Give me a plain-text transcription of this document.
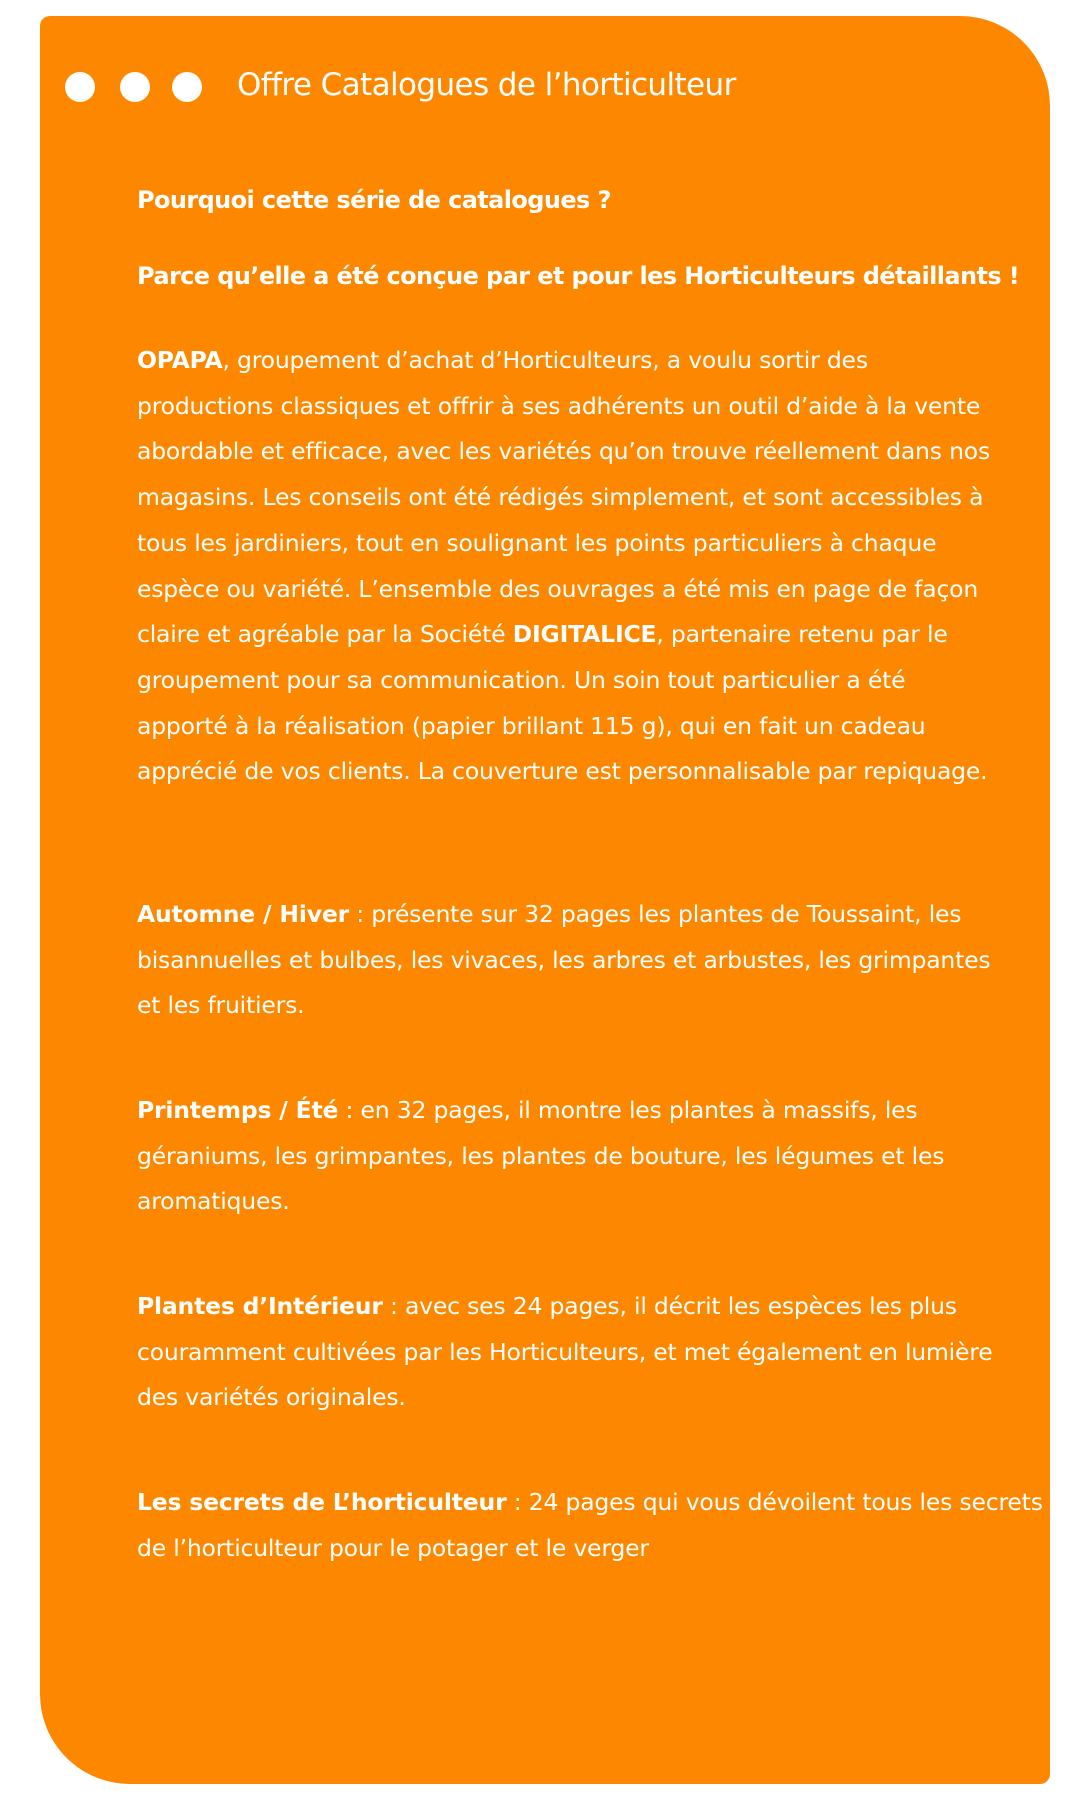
Offre Catalogues de l’horticulteur

Pourquoi cette série de catalogues ?

Parce qu’elle a été conçue par et pour les Horticulteurs détaillants !

OPAPA, groupement d’achat d’Horticulteurs, a voulu sortir des
productions classiques et offrir à ses adhérents un outil d’aide à la vente
abordable et efficace, avec les variétés qu’on trouve réellement dans nos
magasins. Les conseils ont été rédigés simplement, et sont accessibles à
tous les jardiniers, tout en soulignant les points particuliers à chaque
espèce ou variété. L’ensemble des ouvrages a été mis en page de façon
claire et agréable par la Société DIGITALICE, partenaire retenu par le
groupement pour sa communication. Un soin tout particulier a été
apporté à la réalisation (papier brillant 115 g), qui en fait un cadeau
apprécié de vos clients. La couverture est personnalisable par repiquage.

Automne / Hiver : présente sur 32 pages les plantes de Toussaint, les
bisannuelles et bulbes, les vivaces, les arbres et arbustes, les grimpantes
et les fruitiers.

Printemps / Été : en 32 pages, il montre les plantes à massifs, les
géraniums, les grimpantes, les plantes de bouture, les légumes et les
aromatiques.

Plantes d’Intérieur : avec ses 24 pages, il décrit les espèces les plus
couramment cultivées par les Horticulteurs, et met également en lumière
des variétés originales.

Les secrets de L’horticulteur : 24 pages qui vous dévoilent tous les secrets
de l’horticulteur pour le potager et le verger
